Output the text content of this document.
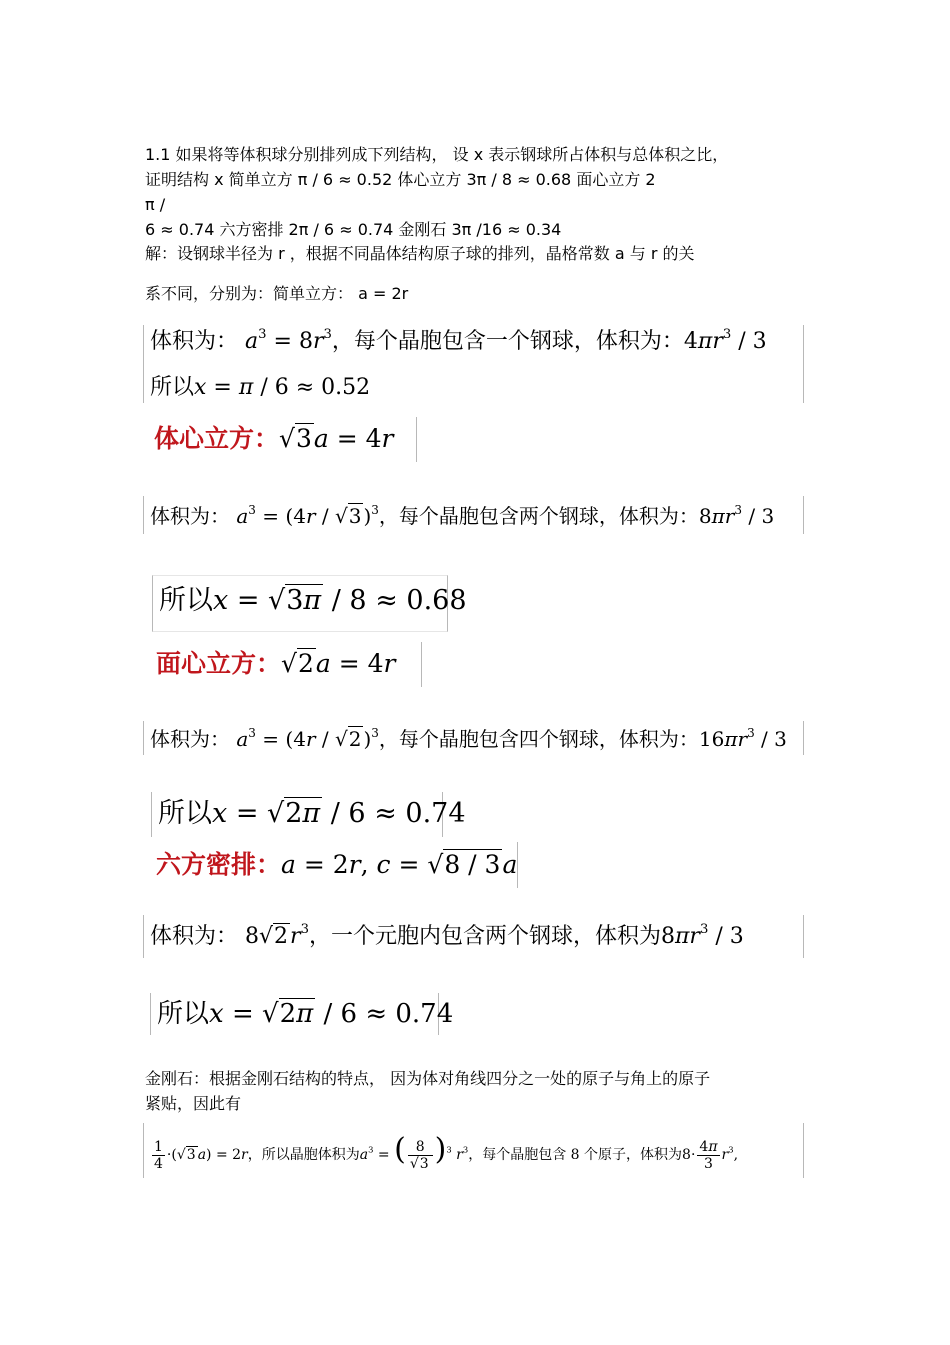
1.1 如果将等体积球分别排列成下列结构， 设 x 表示钢球所占体积与总体积之比，
证明结构 x 简单立方 π / 6 ≈ 0.52 体心立方 3π / 8 ≈ 0.68 面心立方 2
π /
6 ≈ 0.74 六方密排 2π / 6 ≈ 0.74 金刚石 3π /16 ≈ 0.34
解：设钢球半径为 r ，根据不同晶体结构原子球的排列，晶格常数 a 与 r 的关
系不同，分别为：简单立方： a = 2r
体积为： $a^3 = 8r^3$，每个晶胞包含一个钢球，体积为：$4\pi r^3 / 3$
所以x = π / 6 ≈ 0.52
体心立方：√3a = 4r
体积为： $a^3 = (4r / √3$ )$^3$，每个晶胞包含两个钢球，体积为：$8\pi r^3 / 3$
所以x = √3π / 8 ≈ 0.68
面心立方：√2a = 4r
体积为： $a^3 = (4r / √2$ )$^3$，每个晶胞包含四个钢球，体积为：$16\pi r^3 / 3$
所以x = √2π / 6 ≈ 0.74
六方密排：a = 2r, c = √8 / 3a
体积为： $8√2r^3$，一个元胞内包含两个钢球，体积为$8\pi r^3 / 3$
所以x = √2π / 6 ≈ 0.74
金刚石：根据金刚石结构的特点， 因为体对角线四分之一处的原子与角上的原子
紧贴，因此有
$\frac{1}{4} \cdot(√3$ a) = 2r，所以晶胞体积为$a^3$ = ( $\frac{8}{√3} )^3$ $r^3$，每个晶胞包含 8 个原子，体积为$8\cdot \frac{4\pi}{3} r^3$,
